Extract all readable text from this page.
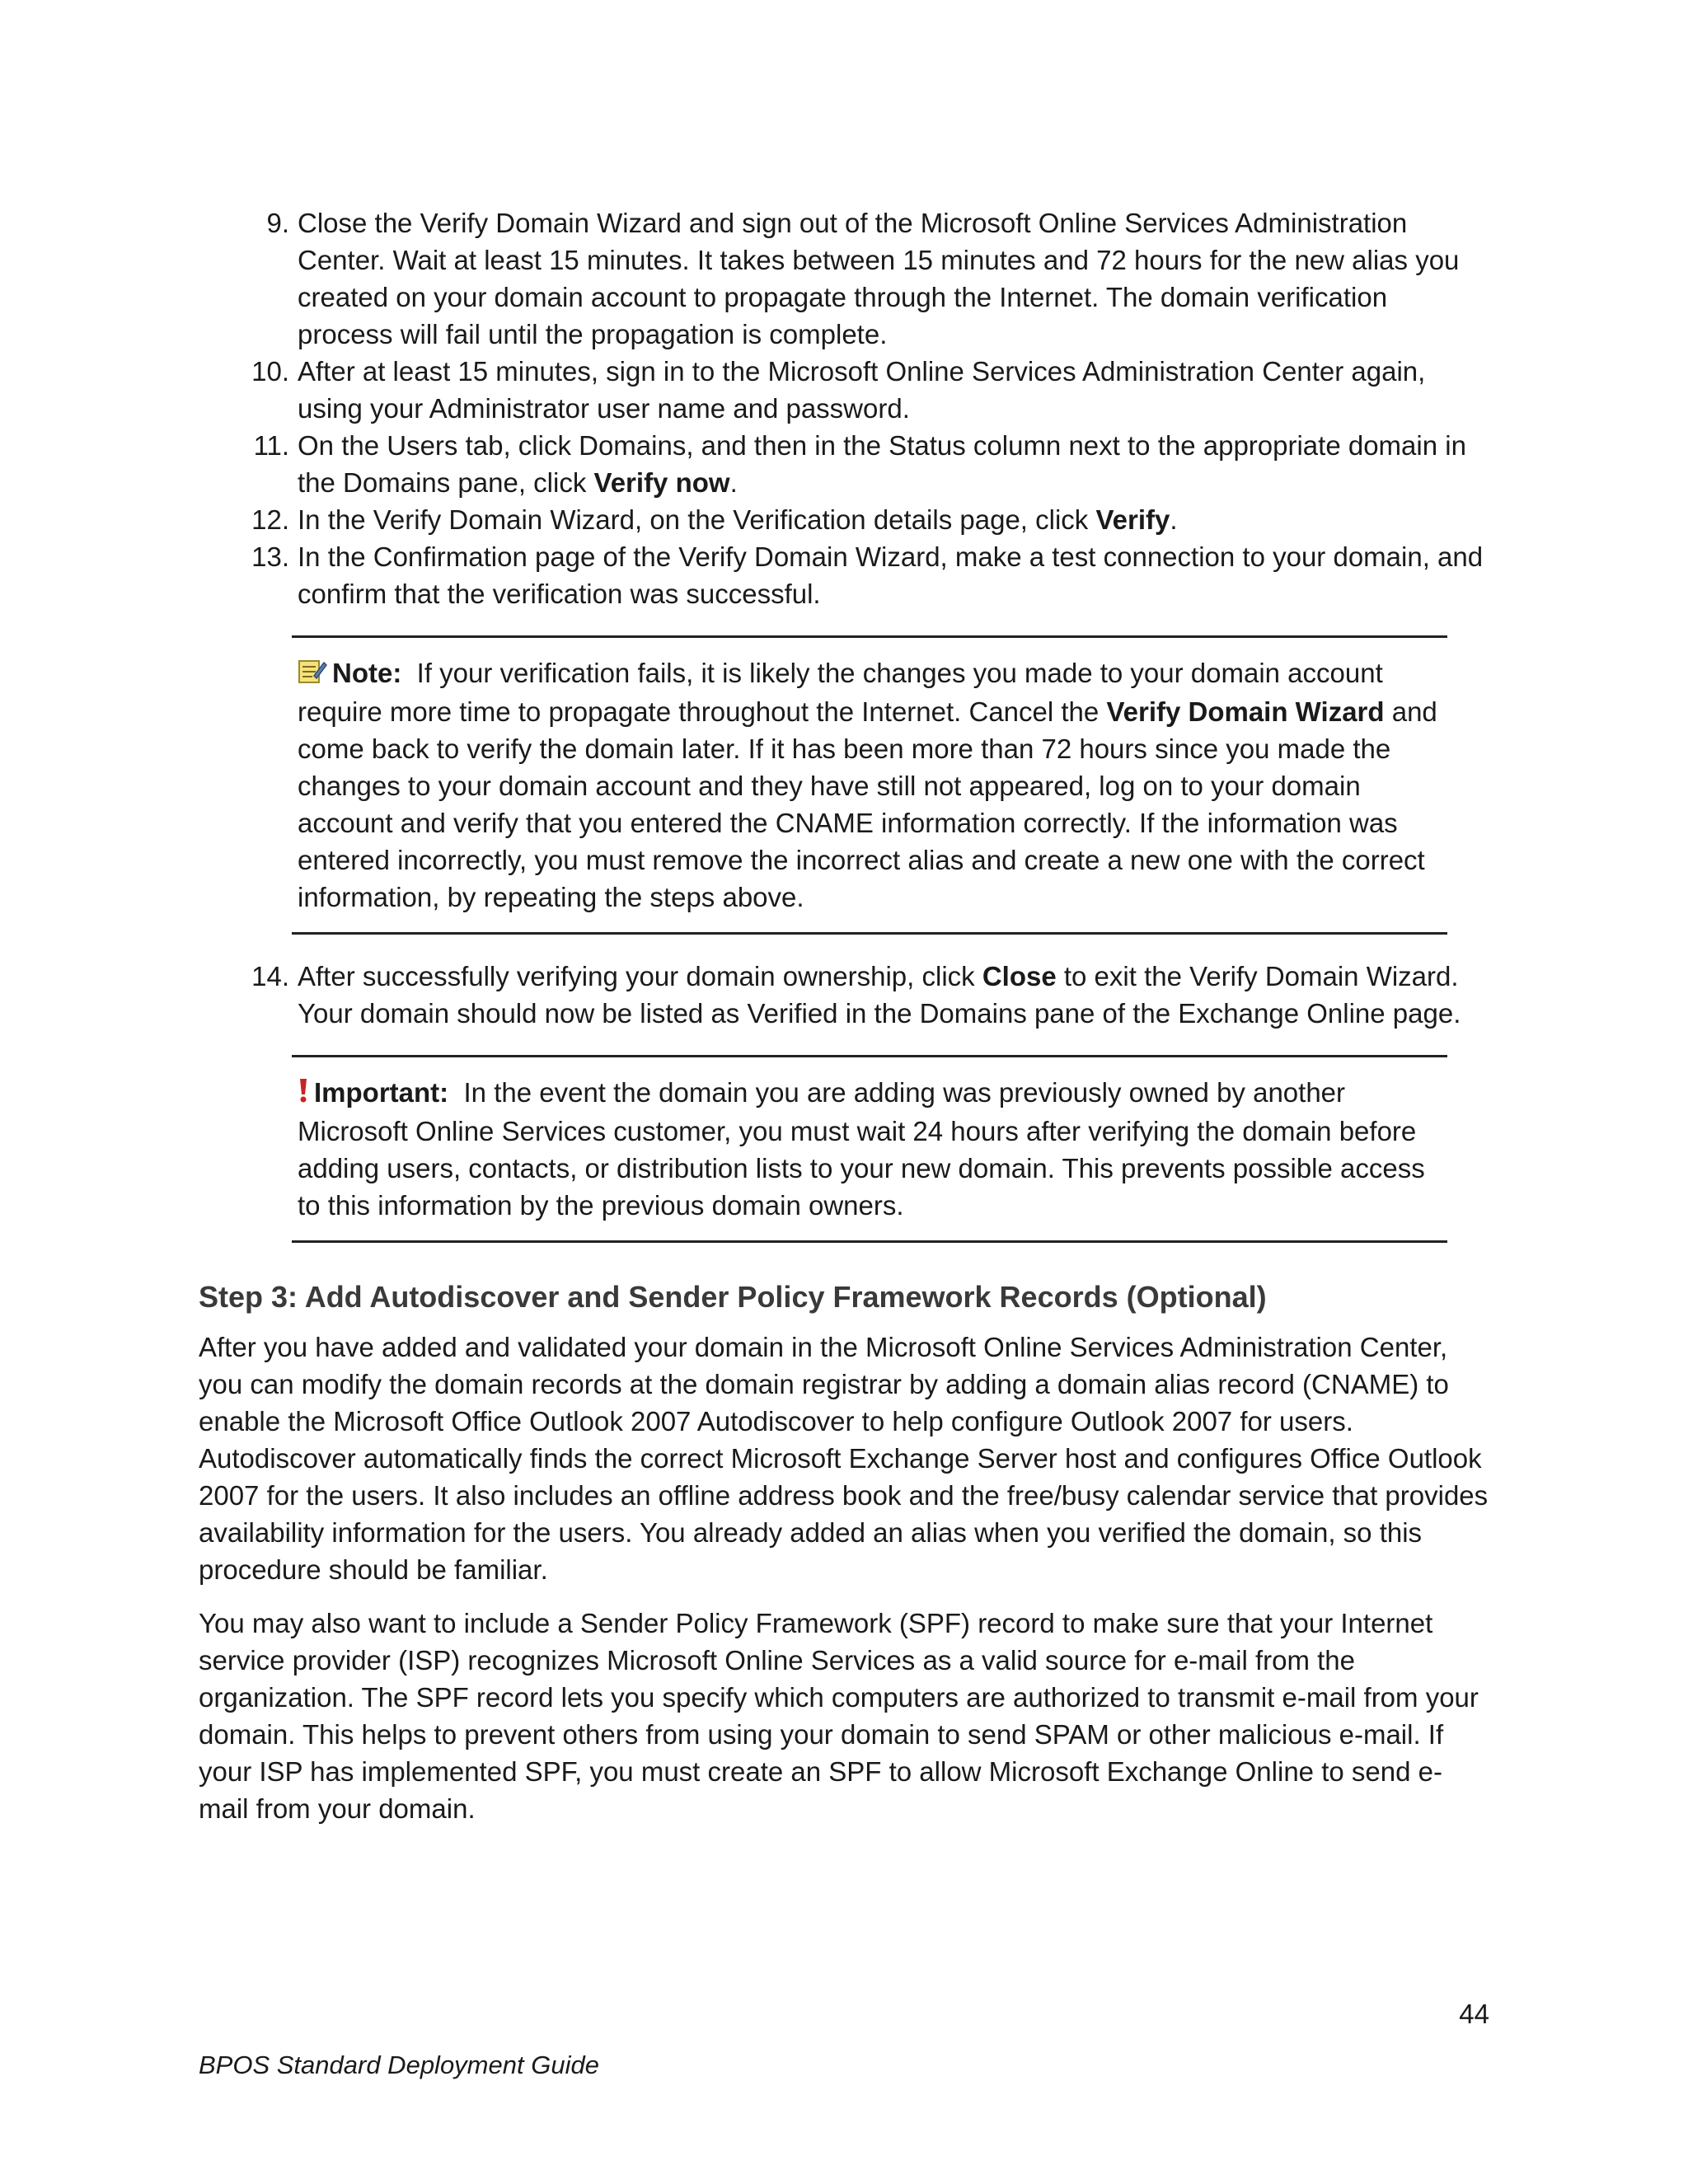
9. Close the Verify Domain Wizard and sign out of the Microsoft Online Services Administration Center. Wait at least 15 minutes. It takes between 15 minutes and 72 hours for the new alias you created on your domain account to propagate through the Internet. The domain verification process will fail until the propagation is complete.
10. After at least 15 minutes, sign in to the Microsoft Online Services Administration Center again, using your Administrator user name and password.
11. On the Users tab, click Domains, and then in the Status column next to the appropriate domain in the Domains pane, click Verify now.
12. In the Verify Domain Wizard, on the Verification details page, click Verify.
13. In the Confirmation page of the Verify Domain Wizard, make a test connection to your domain, and confirm that the verification was successful.
Note: If your verification fails, it is likely the changes you made to your domain account require more time to propagate throughout the Internet. Cancel the Verify Domain Wizard and come back to verify the domain later. If it has been more than 72 hours since you made the changes to your domain account and they have still not appeared, log on to your domain account and verify that you entered the CNAME information correctly. If the information was entered incorrectly, you must remove the incorrect alias and create a new one with the correct information, by repeating the steps above.
14. After successfully verifying your domain ownership, click Close to exit the Verify Domain Wizard. Your domain should now be listed as Verified in the Domains pane of the Exchange Online page.
Important: In the event the domain you are adding was previously owned by another Microsoft Online Services customer, you must wait 24 hours after verifying the domain before adding users, contacts, or distribution lists to your new domain. This prevents possible access to this information by the previous domain owners.
Step 3: Add Autodiscover and Sender Policy Framework Records (Optional)

After you have added and validated your domain in the Microsoft Online Services Administration Center, you can modify the domain records at the domain registrar by adding a domain alias record (CNAME) to enable the Microsoft Office Outlook 2007 Autodiscover to help configure Outlook 2007 for users. Autodiscover automatically finds the correct Microsoft Exchange Server host and configures Office Outlook 2007 for the users. It also includes an offline address book and the free/busy calendar service that provides availability information for the users. You already added an alias when you verified the domain, so this procedure should be familiar.

You may also want to include a Sender Policy Framework (SPF) record to make sure that your Internet service provider (ISP) recognizes Microsoft Online Services as a valid source for e-mail from the organization. The SPF record lets you specify which computers are authorized to transmit e-mail from your domain. This helps to prevent others from using your domain to send SPAM or other malicious e-mail. If your ISP has implemented SPF, you must create an SPF to allow Microsoft Exchange Online to send e-mail from your domain.

44
BPOS Standard Deployment Guide
